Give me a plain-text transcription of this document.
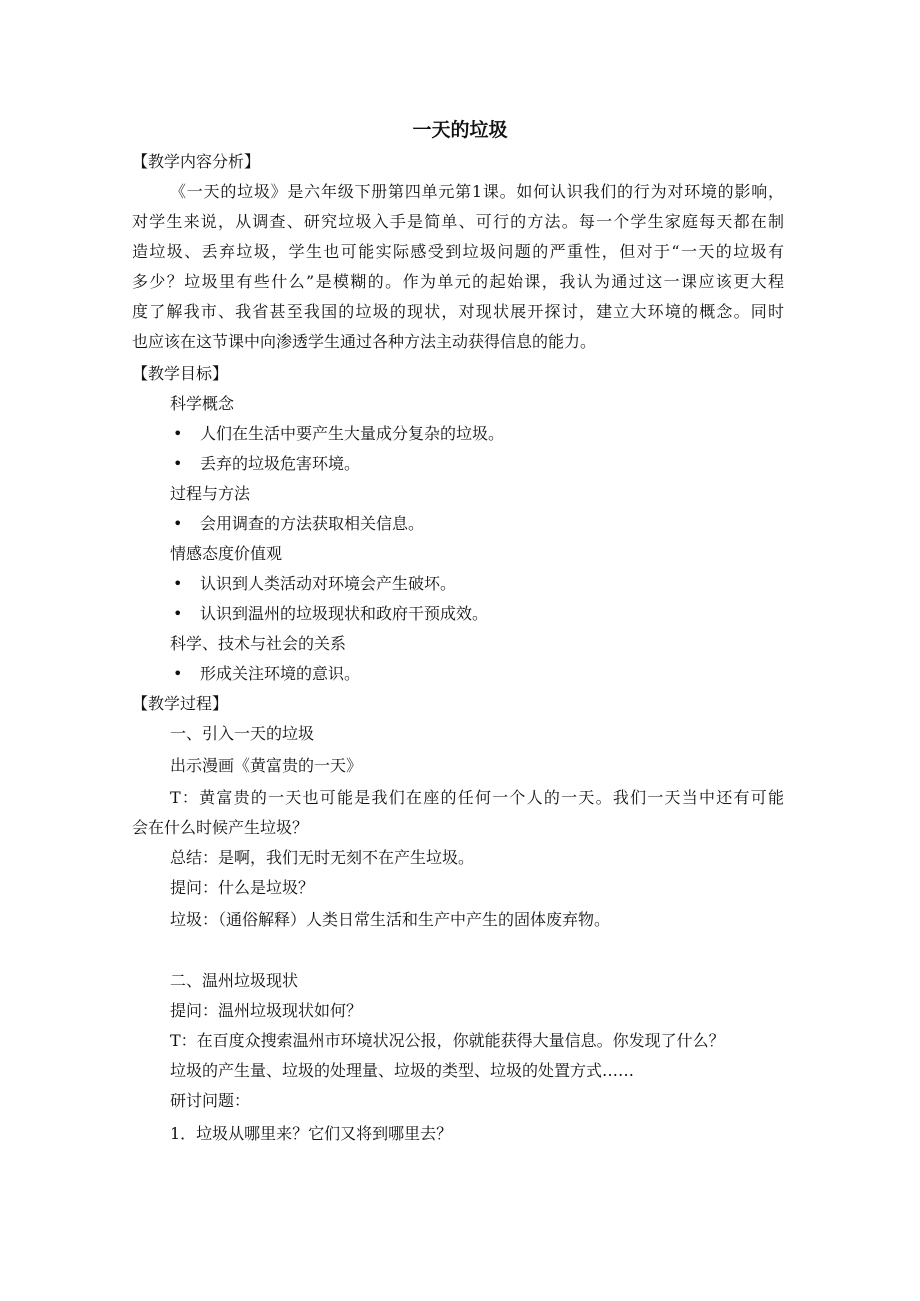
一天的垃圾
【教学内容分析】
《一天的垃圾》是六年级下册第四单元第1课。如何认识我们的行为对环境的影响，
对学生来说，从调查、研究垃圾入手是简单、可行的方法。每一个学生家庭每天都在制
造垃圾、丢弃垃圾，学生也可能实际感受到垃圾问题的严重性，但对于“一天的垃圾有
多少？垃圾里有些什么”是模糊的。作为单元的起始课，我认为通过这一课应该更大程
度了解我市、我省甚至我国的垃圾的现状，对现状展开探讨，建立大环境的概念。同时
也应该在这节课中向渗透学生通过各种方法主动获得信息的能力。
【教学目标】
科学概念
• 人们在生活中要产生大量成分复杂的垃圾。
• 丢弃的垃圾危害环境。
过程与方法
• 会用调查的方法获取相关信息。
情感态度价值观
• 认识到人类活动对环境会产生破坏。
• 认识到温州的垃圾现状和政府干预成效。
科学、技术与社会的关系
• 形成关注环境的意识。
【教学过程】
一、引入一天的垃圾
出示漫画《黄富贵的一天》
T：黄富贵的一天也可能是我们在座的任何一个人的一天。我们一天当中还有可能
会在什么时候产生垃圾？
总结：是啊，我们无时无刻不在产生垃圾。
提问：什么是垃圾？
垃圾：（通俗解释）人类日常生活和生产中产生的固体废弃物。
二、温州垃圾现状
提问：温州垃圾现状如何？
T：在百度众搜索温州市环境状况公报，你就能获得大量信息。你发现了什么？
垃圾的产生量、垃圾的处理量、垃圾的类型、垃圾的处置方式……
研讨问题：
1．垃圾从哪里来？它们又将到哪里去？
